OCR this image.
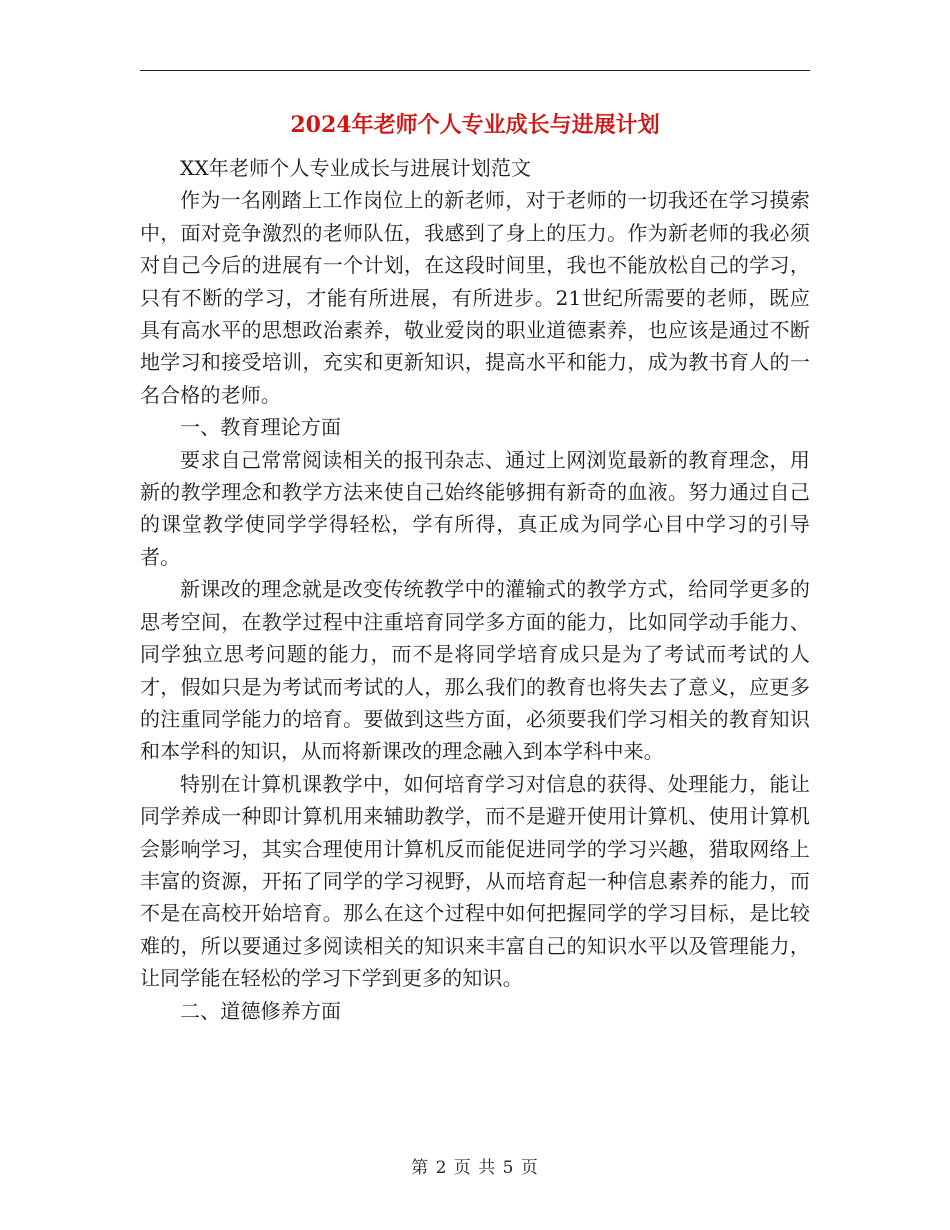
2024年老师个人专业成长与进展计划

XX年老师个人专业成长与进展计划范文

作为一名刚踏上工作岗位上的新老师，对于老师的一切我还在学习摸索中，面对竞争激烈的老师队伍，我感到了身上的压力。作为新老师的我必须对自己今后的进展有一个计划，在这段时间里，我也不能放松自己的学习，只有不断的学习，才能有所进展，有所进步。21世纪所需要的老师，既应具有高水平的思想政治素养，敬业爱岗的职业道德素养，也应该是通过不断地学习和接受培训，充实和更新知识，提高水平和能力，成为教书育人的一名合格的老师。

一、教育理论方面

要求自己常常阅读相关的报刊杂志、通过上网浏览最新的教育理念，用新的教学理念和教学方法来使自己始终能够拥有新奇的血液。努力通过自己的课堂教学使同学学得轻松，学有所得，真正成为同学心目中学习的引导者。

新课改的理念就是改变传统教学中的灌输式的教学方式，给同学更多的思考空间，在教学过程中注重培育同学多方面的能力，比如同学动手能力、同学独立思考问题的能力，而不是将同学培育成只是为了考试而考试的人才，假如只是为考试而考试的人，那么我们的教育也将失去了意义，应更多的注重同学能力的培育。要做到这些方面，必须要我们学习相关的教育知识和本学科的知识，从而将新课改的理念融入到本学科中来。

特别在计算机课教学中，如何培育学习对信息的获得、处理能力，能让同学养成一种即计算机用来辅助教学，而不是避开使用计算机、使用计算机会影响学习，其实合理使用计算机反而能促进同学的学习兴趣，猎取网络上丰富的资源，开拓了同学的学习视野，从而培育起一种信息素养的能力，而不是在高校开始培育。那么在这个过程中如何把握同学的学习目标，是比较难的，所以要通过多阅读相关的知识来丰富自己的知识水平以及管理能力，让同学能在轻松的学习下学到更多的知识。

二、道德修养方面

第 2 页 共 5 页
